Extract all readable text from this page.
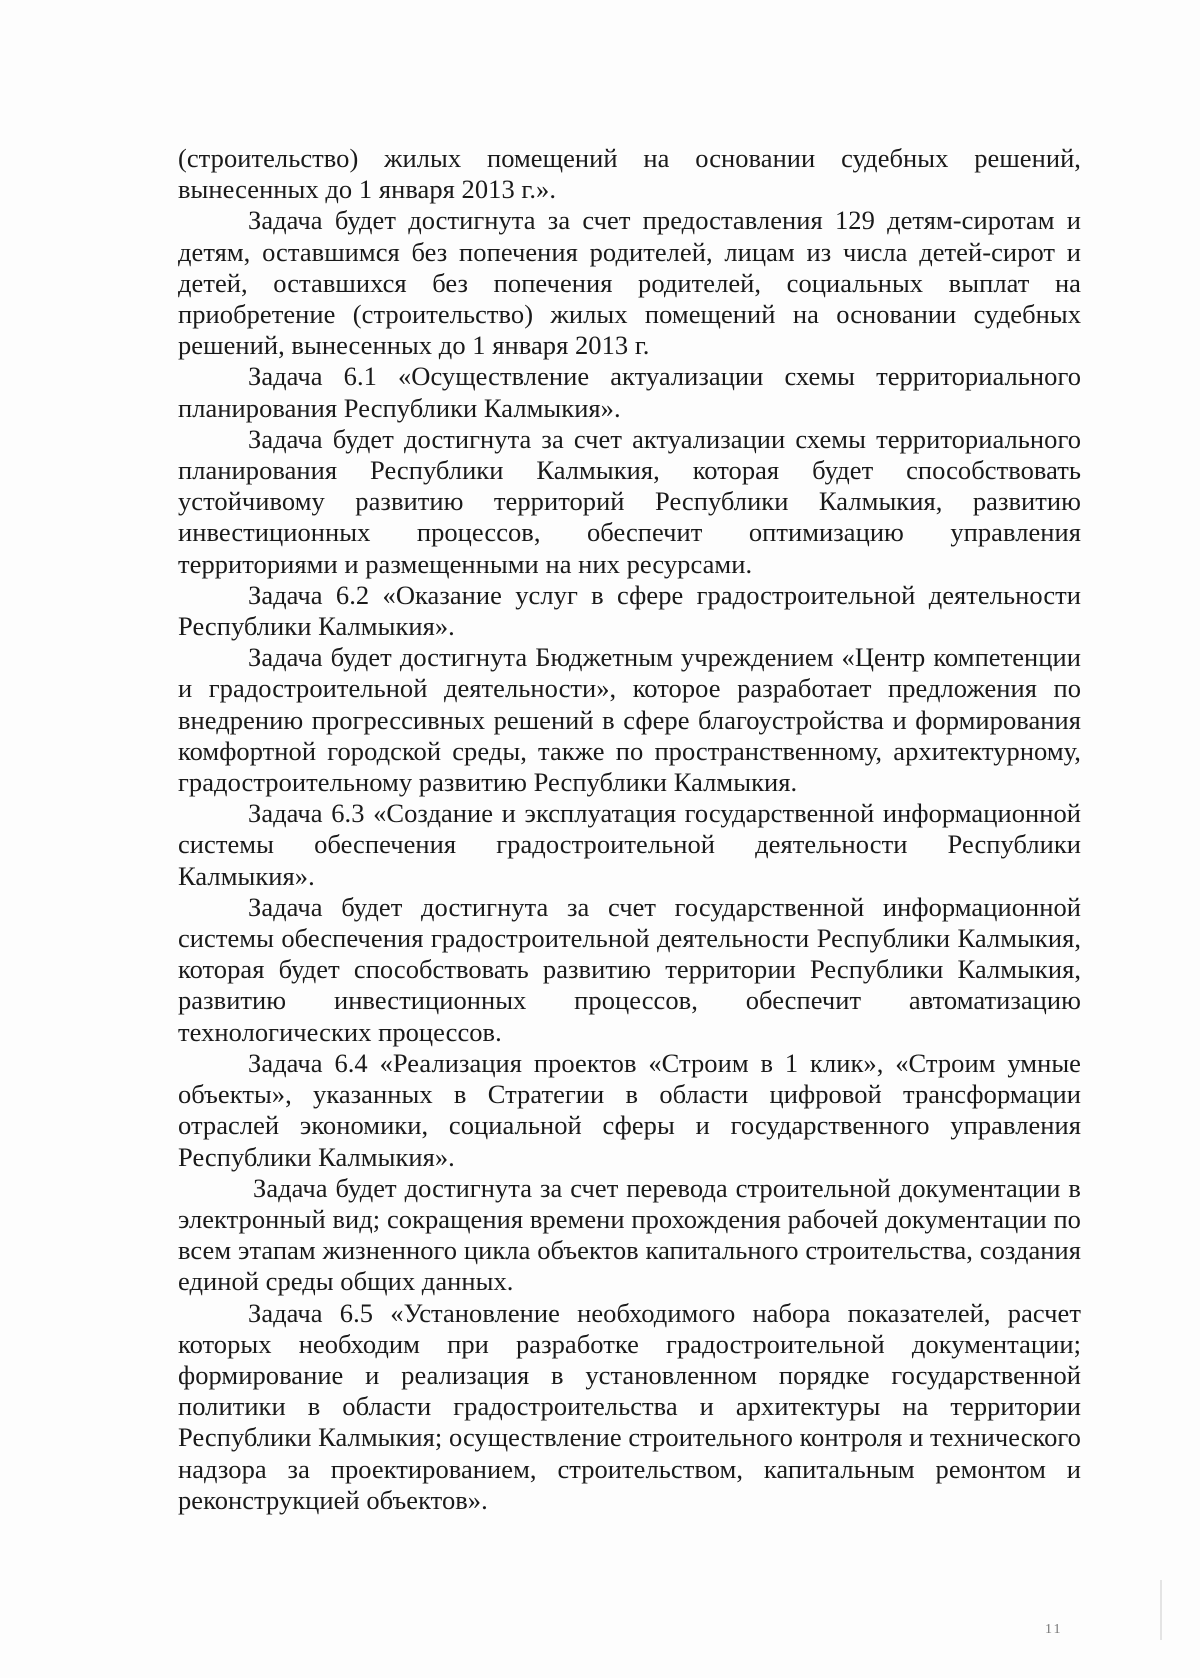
(строительство) жилых помещений на основании судебных решений, вынесенных до 1 января 2013 г.».

Задача будет достигнута за счет предоставления 129 детям-сиротам и детям, оставшимся без попечения родителей, лицам из числа детей-сирот и детей, оставшихся без попечения родителей, социальных выплат на приобретение (строительство) жилых помещений на основании судебных решений, вынесенных до 1 января 2013 г.

Задача 6.1 «Осуществление актуализации схемы территориального планирования Республики Калмыкия».

Задача будет достигнута за счет актуализации схемы территориального планирования Республики Калмыкия, которая будет способствовать устойчивому развитию территорий Республики Калмыкия, развитию инвестиционных процессов, обеспечит оптимизацию управления территориями и размещенными на них ресурсами.

Задача 6.2 «Оказание услуг в сфере градостроительной деятельности Республики Калмыкия».

Задача будет достигнута Бюджетным учреждением «Центр компетенции и градостроительной деятельности», которое разработает предложения по внедрению прогрессивных решений в сфере благоустройства и формирования комфортной городской среды, также по пространственному, архитектурному, градостроительному развитию Республики Калмыкия.

Задача 6.3 «Создание и эксплуатация государственной информационной системы обеспечения градостроительной деятельности Республики Калмыкия».

Задача будет достигнута за счет государственной информационной системы обеспечения градостроительной деятельности Республики Калмыкия, которая будет способствовать развитию территории Республики Калмыкия, развитию инвестиционных процессов, обеспечит автоматизацию технологических процессов.

Задача 6.4 «Реализация проектов «Строим в 1 клик», «Строим умные объекты», указанных в Стратегии в области цифровой трансформации отраслей экономики, социальной сферы и государственного управления Республики Калмыкия».

Задача будет достигнута за счет перевода строительной документации в электронный вид; сокращения времени прохождения рабочей документации по всем этапам жизненного цикла объектов капитального строительства, создания единой среды общих данных.

Задача 6.5 «Установление необходимого набора показателей, расчет которых необходим при разработке градостроительной документации; формирование и реализация в установленном порядке государственной политики в области градостроительства и архитектуры на территории Республики Калмыкия; осуществление строительного контроля и технического надзора за проектированием, строительством, капитальным ремонтом и реконструкцией объектов».

11
